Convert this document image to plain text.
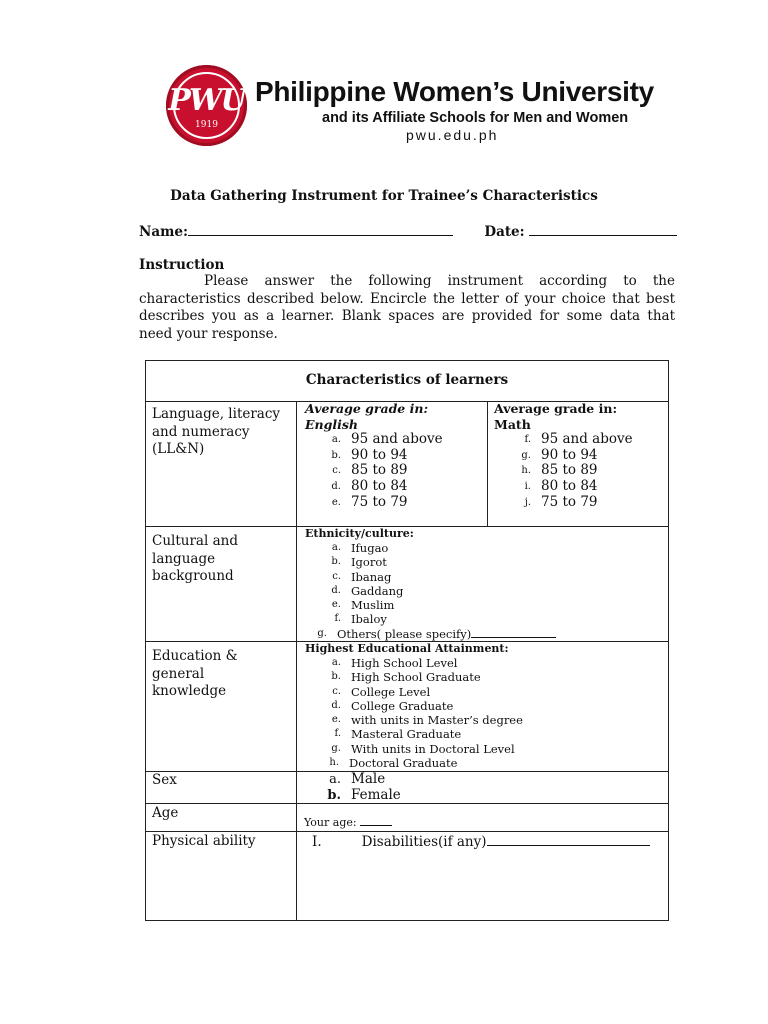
PWU
1919
Philippine Women’s University
and its Affiliate Schools for Men and Women
pwu.edu.ph
Data Gathering Instrument for Trainee’s Characteristics
Name:	Date:
Instruction
Please answer the following instrument according to the characteristics described below. Encircle the letter of your choice that best describes you as a learner. Blank spaces are provided for some data that need your response.
Characteristics of learners
Language, literacy and numeracy (LL&N)
Cultural and language background
Education & general knowledge
Sex
Age
Physical ability
Average grade in:
English
a. 95 and above
b. 90 to 94
c. 85 to 89
d. 80 to 84
e. 75 to 79
Average grade in:
Math
f. 95 and above
g. 90 to 94
h. 85 to 89
i. 80 to 84
j. 75 to 79
Ethnicity/culture:
a. Ifugao
b. Igorot
c. Ibanag
d. Gaddang
e. Muslim
f. Ibaloy
g. Others( please specify)
Highest Educational Attainment:
a. High School Level
b. High School Graduate
c. College Level
d. College Graduate
e. with units in Master’s degree
f. Masteral Graduate
g. With units in Doctoral Level
h. Doctoral Graduate
a. Male
b. Female
Your age:
I.	Disabilities(if any)
